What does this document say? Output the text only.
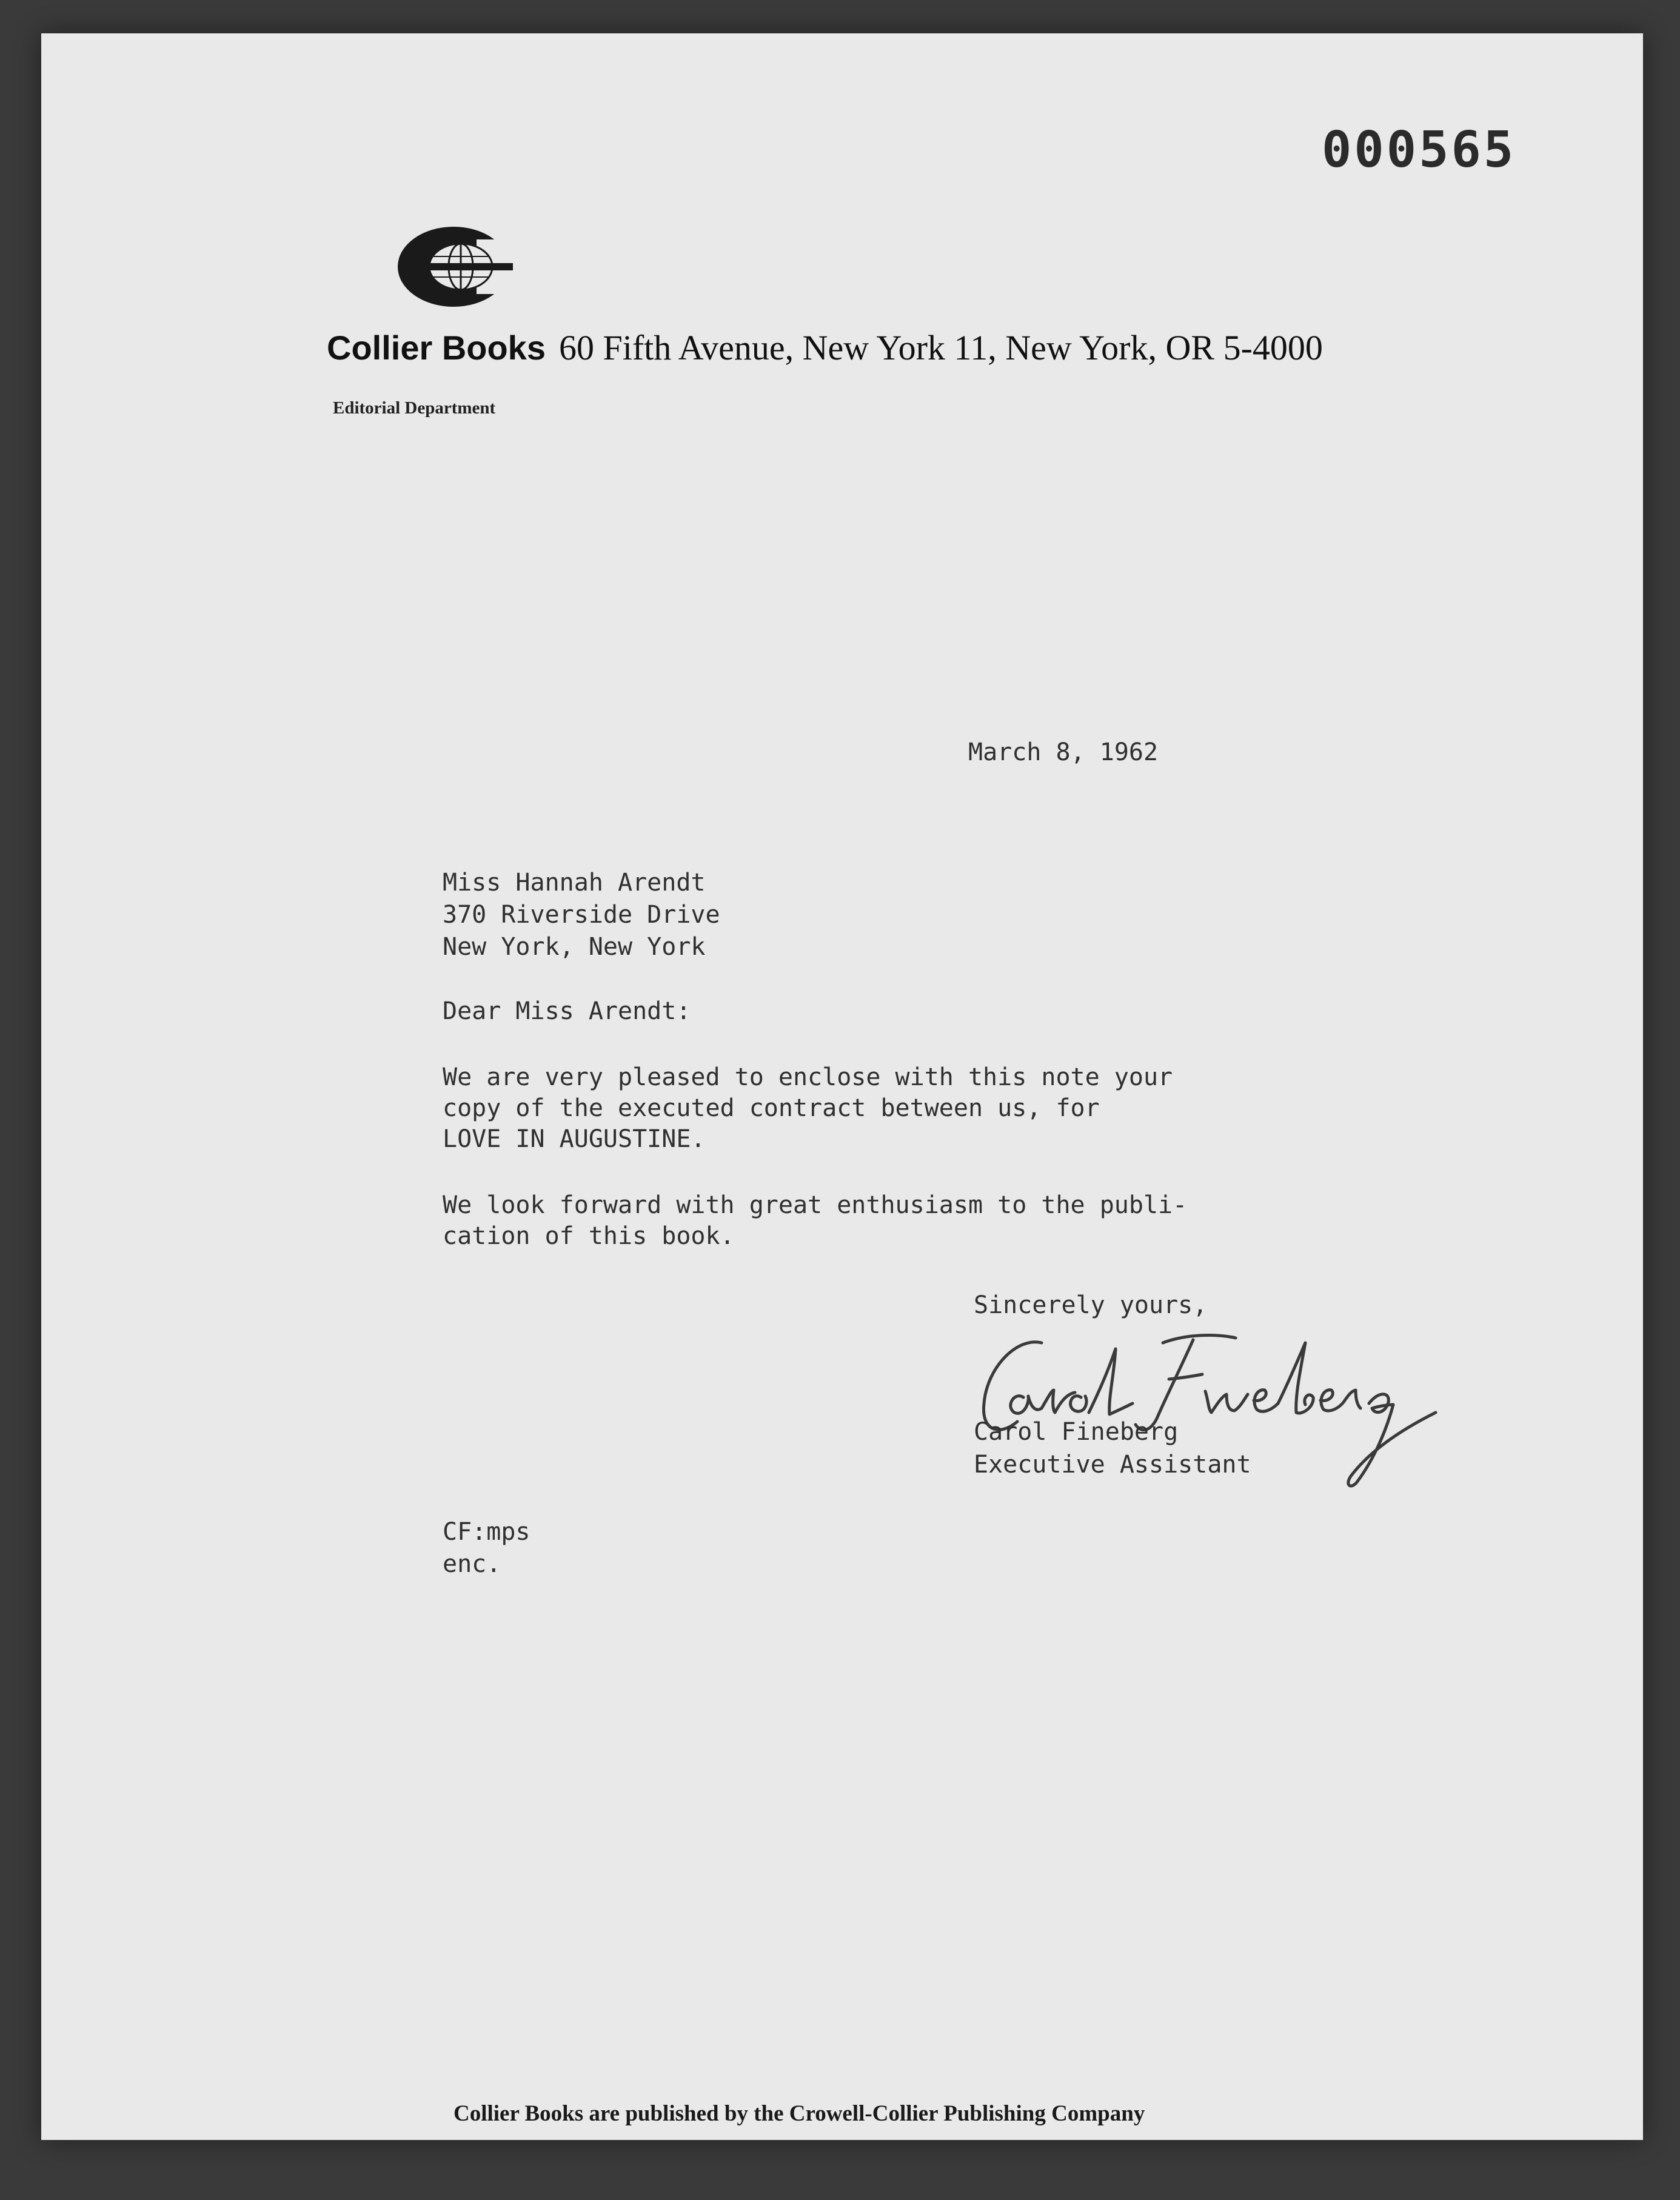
000565

Collier Books 60 Fifth Avenue, New York 11, New York, OR 5-4000

Editorial Department

March 8, 1962

Miss Hannah Arendt
370 Riverside Drive
New York, New York

Dear Miss Arendt:

We are very pleased to enclose with this note your
copy of the executed contract between us, for
LOVE IN AUGUSTINE.
We look forward with great enthusiasm to the publi-
cation of this book.

Sincerely yours,

Carol Fineberg
Executive Assistant
CF:mps
enc.

Collier Books are published by the Crowell-Collier Publishing Company
